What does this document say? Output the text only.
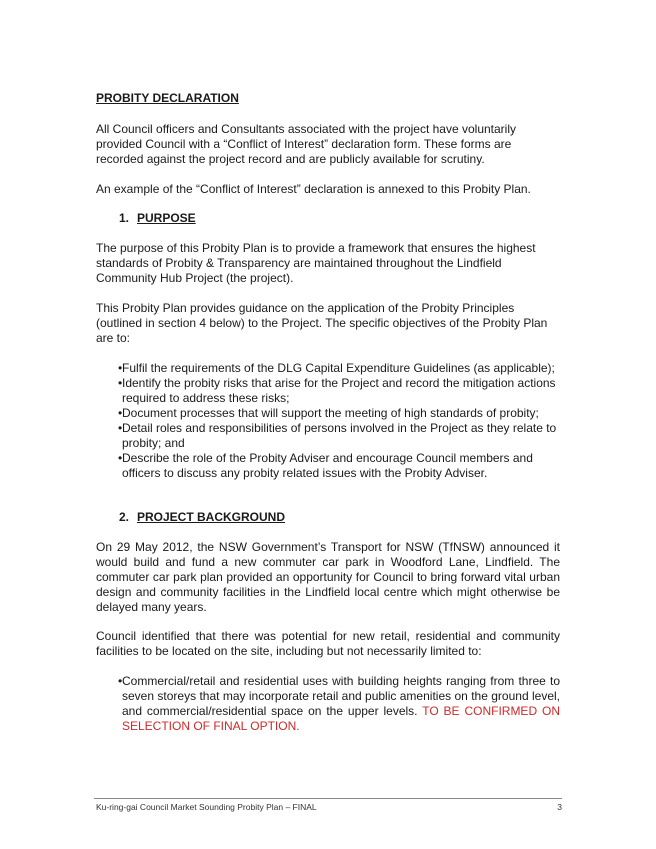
PROBITY DECLARATION

All Council officers and Consultants associated with the project have voluntarily provided Council with a “Conflict of Interest” declaration form. These forms are recorded against the project record and are publicly available for scrutiny.

An example of the “Conflict of Interest” declaration is annexed to this Probity Plan.

1. PURPOSE

The purpose of this Probity Plan is to provide a framework that ensures the highest standards of Probity & Transparency are maintained throughout the Lindfield Community Hub Project (the project).

This Probity Plan provides guidance on the application of the Probity Principles (outlined in section 4 below) to the Project. The specific objectives of the Probity Plan are to:

• Fulfil the requirements of the DLG Capital Expenditure Guidelines (as applicable);
• Identify the probity risks that arise for the Project and record the mitigation actions required to address these risks;
• Document processes that will support the meeting of high standards of probity;
• Detail roles and responsibilities of persons involved in the Project as they relate to probity; and
• Describe the role of the Probity Adviser and encourage Council members and officers to discuss any probity related issues with the Probity Adviser.
2. PROJECT BACKGROUND

On 29 May 2012, the NSW Government’s Transport for NSW (TfNSW) announced it would build and fund a new commuter car park in Woodford Lane, Lindfield. The commuter car park plan provided an opportunity for Council to bring forward vital urban design and community facilities in the Lindfield local centre which might otherwise be delayed many years.

Council identified that there was potential for new retail, residential and community facilities to be located on the site, including but not necessarily limited to:

• Commercial/retail and residential uses with building heights ranging from three to seven storeys that may incorporate retail and public amenities on the ground level, and commercial/residential space on the upper levels. TO BE CONFIRMED ON SELECTION OF FINAL OPTION.
Ku-ring-gai Council Market Sounding Probity Plan – FINAL	3
